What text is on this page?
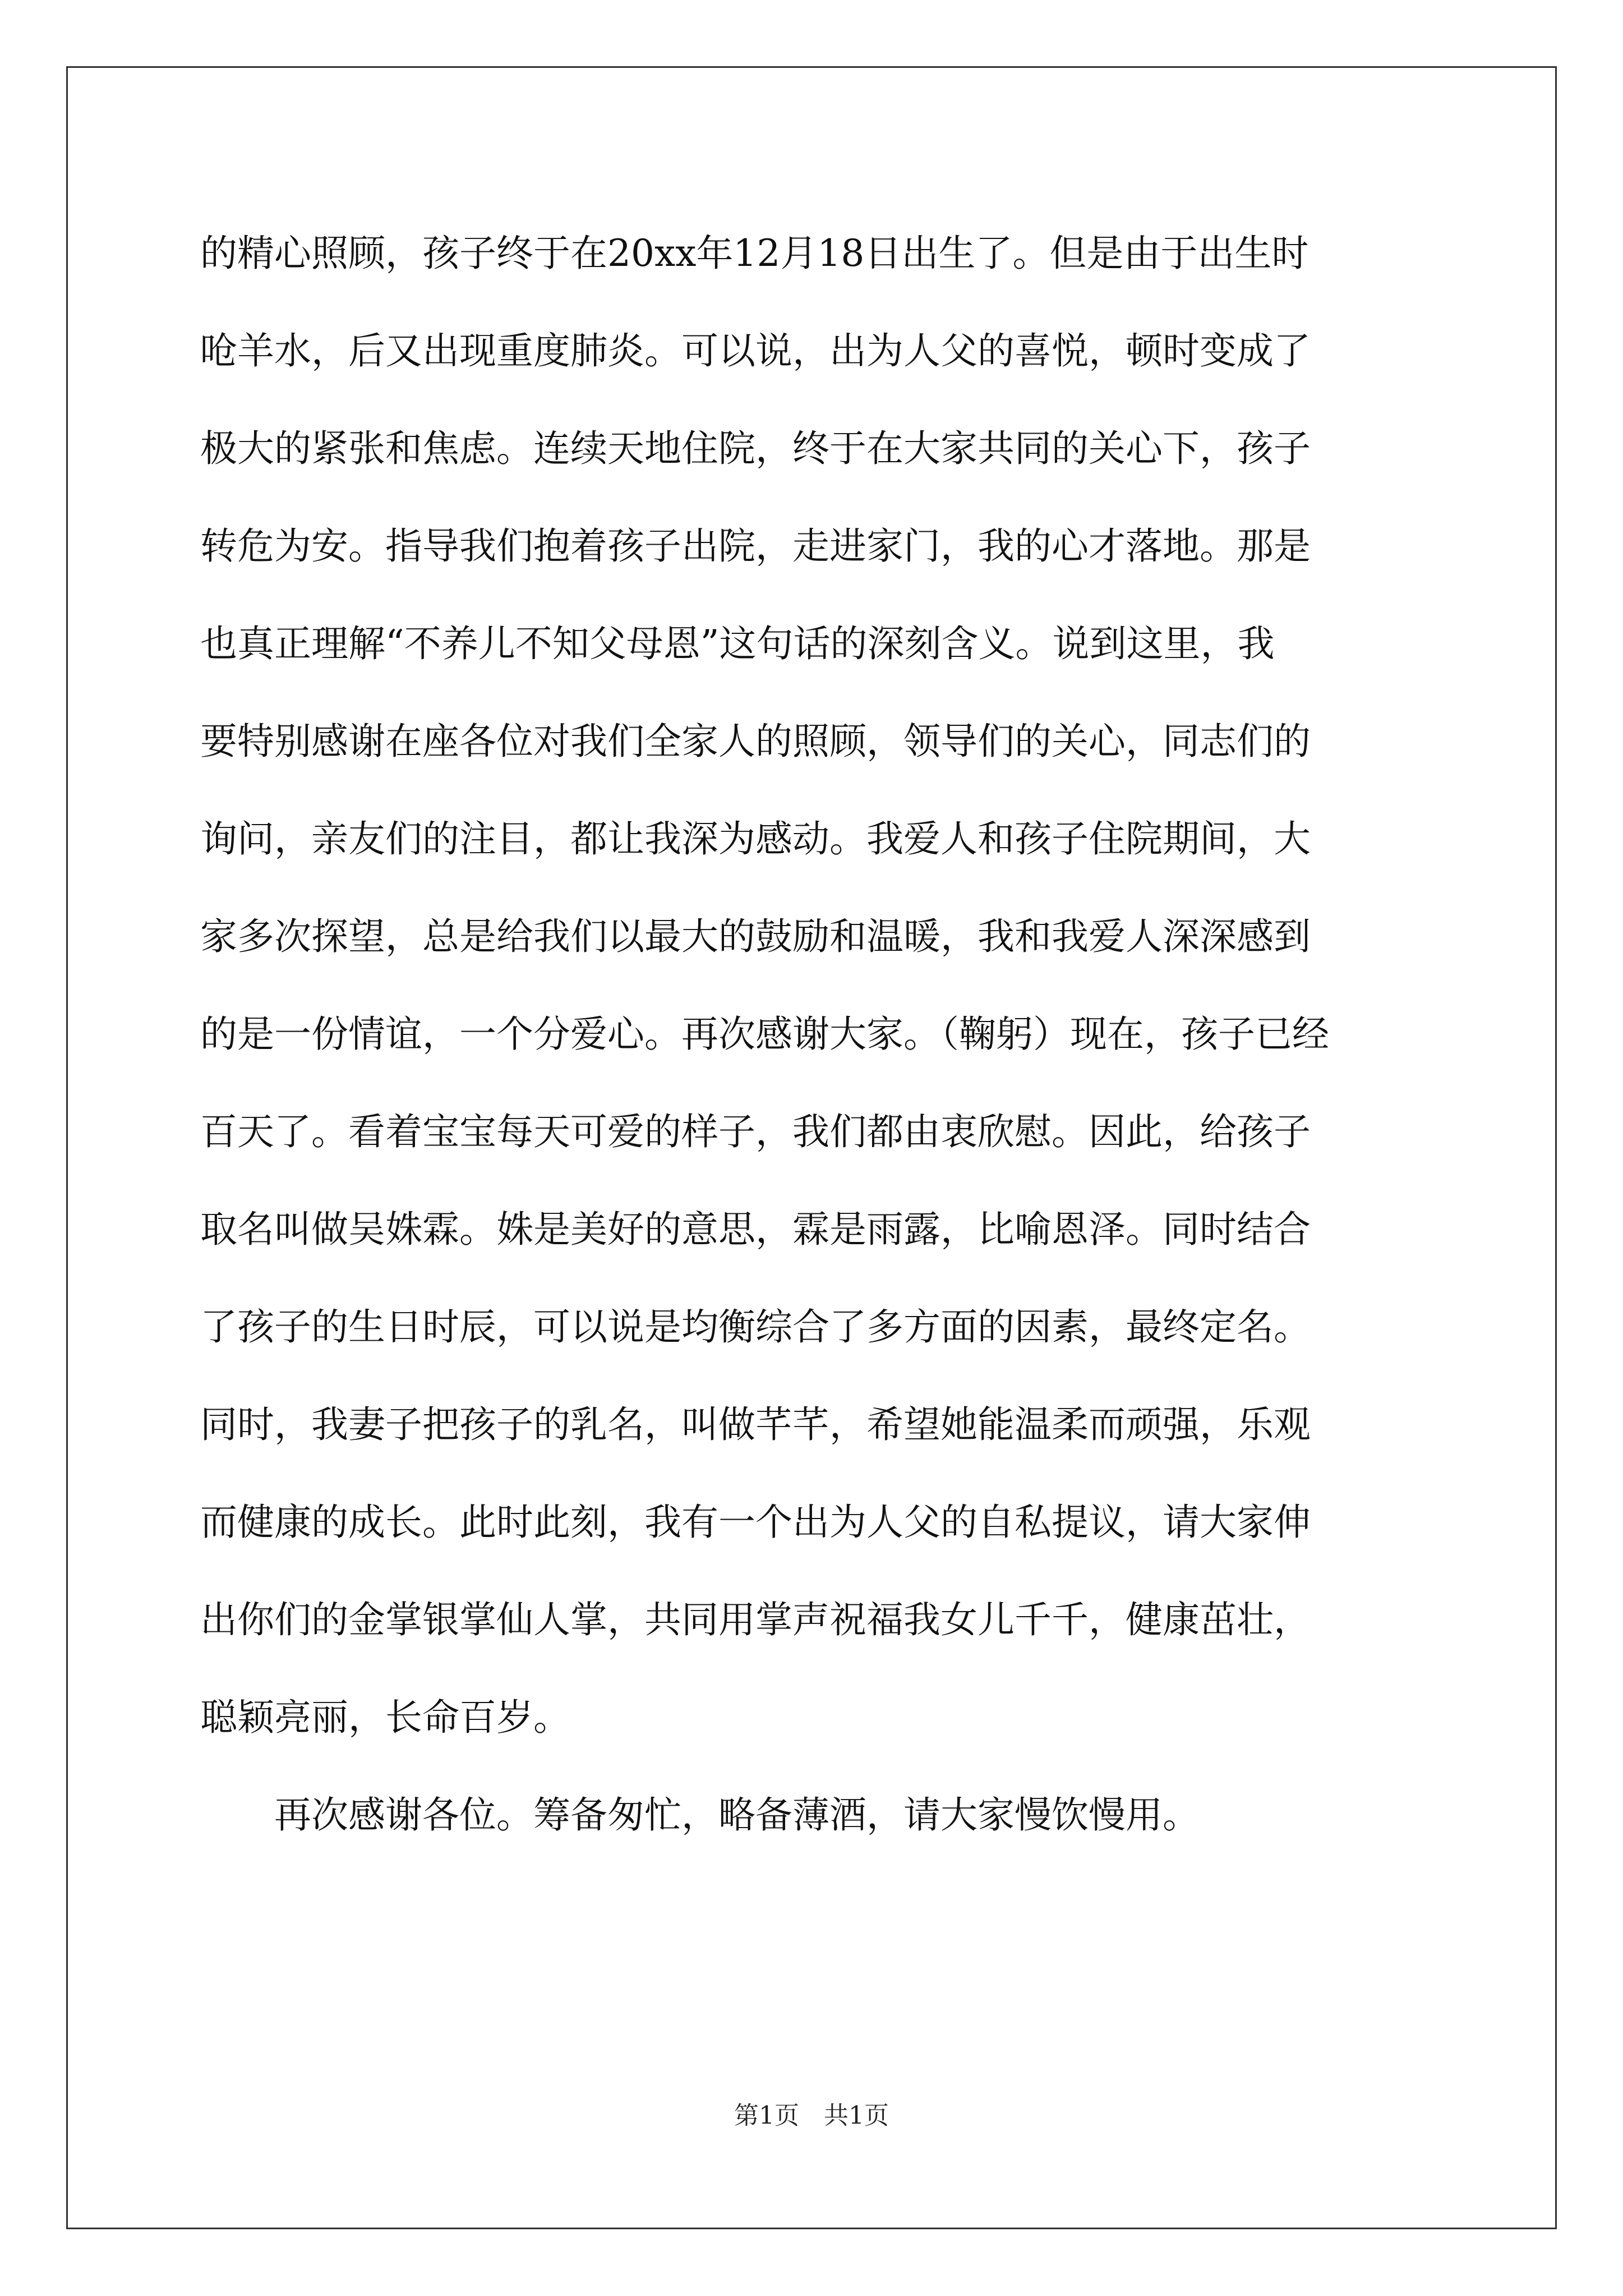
的精心照顾，孩子终于在20xx年12月18日出生了。但是由于出生时
呛羊水，后又出现重度肺炎。可以说，出为人父的喜悦，顿时变成了
极大的紧张和焦虑。连续天地住院，终于在大家共同的关心下，孩子
转危为安。指导我们抱着孩子出院，走进家门，我的心才落地。那是
也真正理解“不养儿不知父母恩”这句话的深刻含义。说到这里，我
要特别感谢在座各位对我们全家人的照顾，领导们的关心，同志们的
询问，亲友们的注目，都让我深为感动。我爱人和孩子住院期间，大
家多次探望，总是给我们以最大的鼓励和温暖，我和我爱人深深感到
的是一份情谊，一个分爱心。再次感谢大家。（鞠躬）现在，孩子已经
百天了。看着宝宝每天可爱的样子，我们都由衷欣慰。因此，给孩子
取名叫做吴姝霖。姝是美好的意思，霖是雨露，比喻恩泽。同时结合
了孩子的生日时辰，可以说是均衡综合了多方面的因素，最终定名。
同时，我妻子把孩子的乳名，叫做芊芊，希望她能温柔而顽强，乐观
而健康的成长。此时此刻，我有一个出为人父的自私提议，请大家伸
出你们的金掌银掌仙人掌，共同用掌声祝福我女儿千千，健康茁壮，
聪颖亮丽，长命百岁。
再次感谢各位。筹备匆忙，略备薄酒，请大家慢饮慢用。
第1页　共1页
